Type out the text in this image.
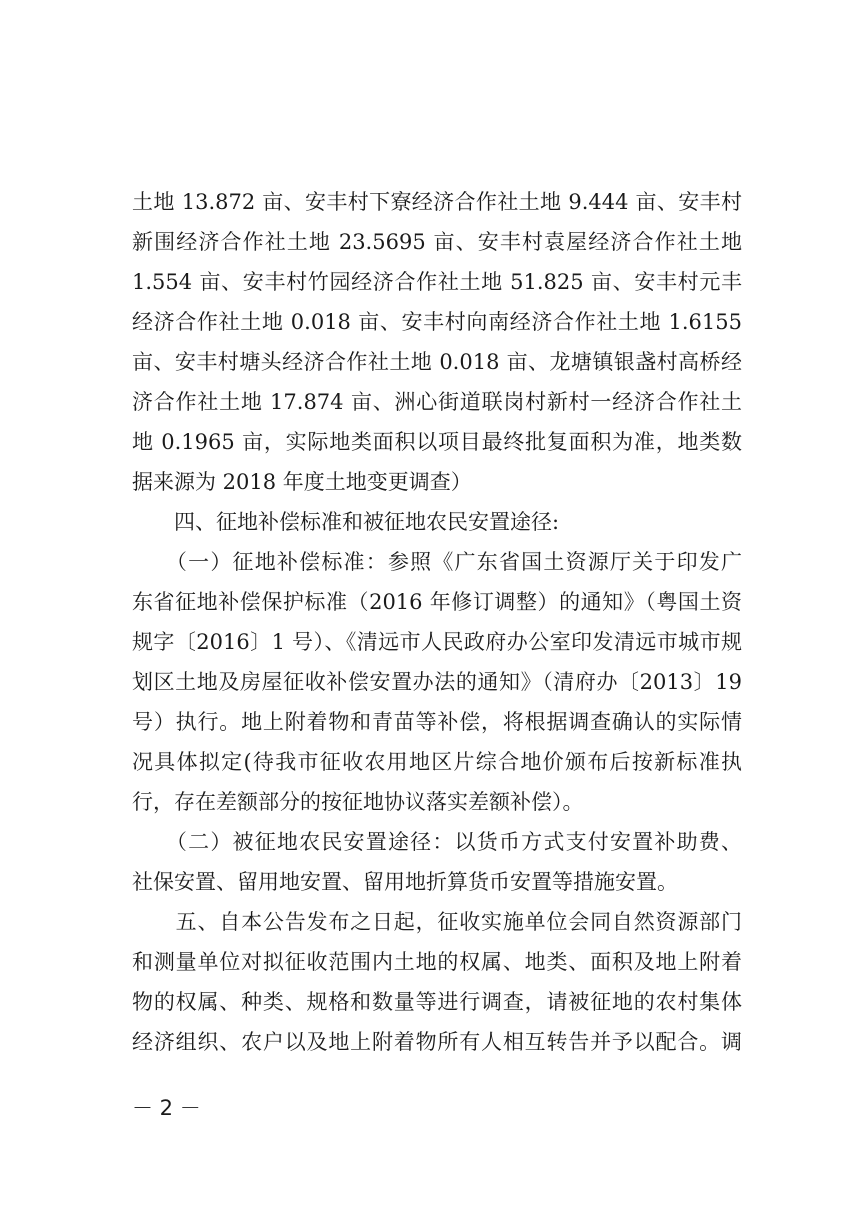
土地 13.872 亩、安丰村下寮经济合作社土地 9.444 亩、安丰村
新围经济合作社土地 23.5695 亩、安丰村袁屋经济合作社土地
1.554 亩、安丰村竹园经济合作社土地 51.825 亩、安丰村元丰
经济合作社土地 0.018 亩、安丰村向南经济合作社土地 1.6155
亩、安丰村塘头经济合作社土地 0.018 亩、龙塘镇银盏村高桥经
济合作社土地 17.874 亩、洲心街道联岗村新村一经济合作社土
地 0.1965 亩，实际地类面积以项目最终批复面积为准，地类数
据来源为 2018 年度土地变更调查）
　　四、征地补偿标准和被征地农民安置途径:
　　（一）征地补偿标准：参照《广东省国土资源厅关于印发广
东省征地补偿保护标准（2016 年修订调整）的通知》（粤国土资
规字〔2016〕1 号）、《清远市人民政府办公室印发清远市城市规
划区土地及房屋征收补偿安置办法的通知》（清府办〔2013〕19
号）执行。地上附着物和青苗等补偿，将根据调查确认的实际情
况具体拟定(待我市征收农用地区片综合地价颁布后按新标准执
行，存在差额部分的按征地协议落实差额补偿）。
　　（二）被征地农民安置途径：以货币方式支付安置补助费、
社保安置、留用地安置、留用地折算货币安置等措施安置。
　　五、自本公告发布之日起，征收实施单位会同自然资源部门
和测量单位对拟征收范围内土地的权属、地类、面积及地上附着
物的权属、种类、规格和数量等进行调查，请被征地的农村集体
经济组织、农户以及地上附着物所有人相互转告并予以配合。调
－ 2 －
